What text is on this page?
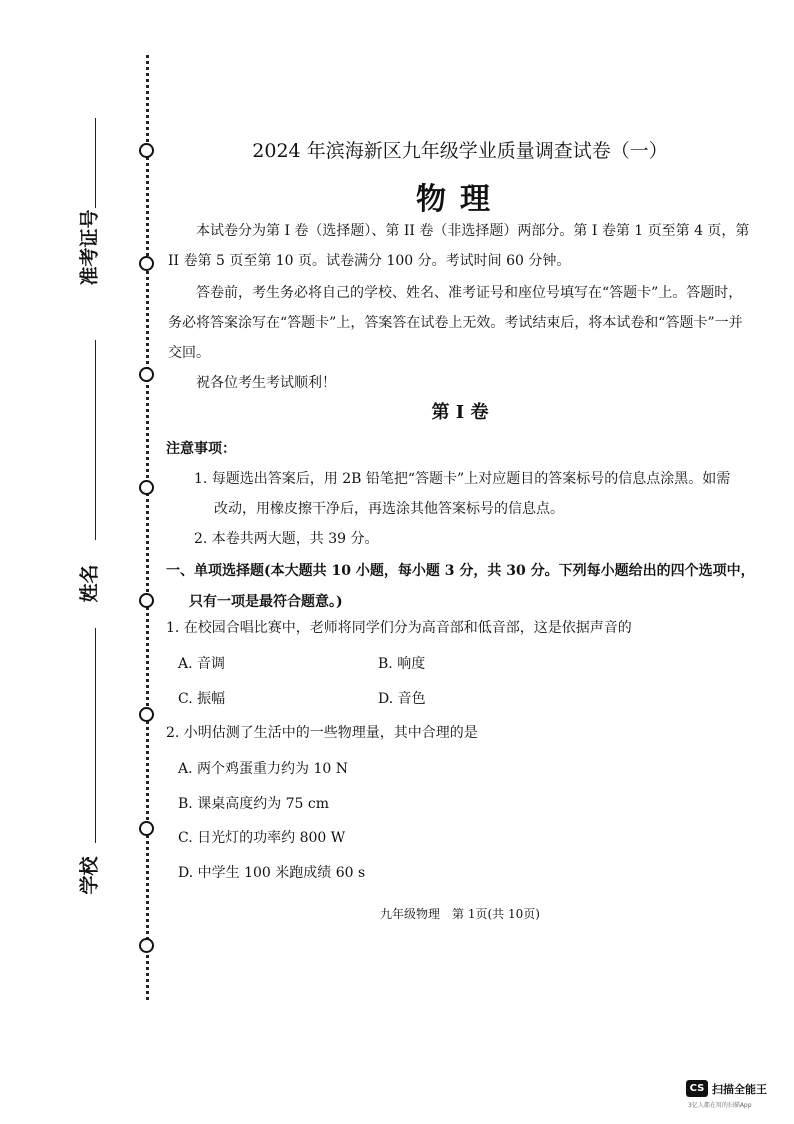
准考证号
姓名
学校
2024 年滨海新区九年级学业质量调查试卷（一）
物理
本试卷分为第 I 卷（选择题）、第 II 卷（非选择题）两部分。第 I 卷第 1 页至第 4 页，第 II 卷第 5 页至第 10 页。试卷满分 100 分。考试时间 60 分钟。
答卷前，考生务必将自己的学校、姓名、准考证号和座位号填写在“答题卡”上。答题时，务必将答案涂写在“答题卡”上，答案答在试卷上无效。考试结束后，将本试卷和“答题卡”一并交回。
祝各位考生考试顺利！
第 I 卷
注意事项：
1. 每题选出答案后，用 2B 铅笔把“答题卡”上对应题目的答案标号的信息点涂黑。如需
改动，用橡皮擦干净后，再选涂其他答案标号的信息点。
2. 本卷共两大题，共 39 分。
一、单项选择题(本大题共 10 小题，每小题 3 分，共 30 分。下列每小题给出的四个选项中，
只有一项是最符合题意。)
1. 在校园合唱比赛中，老师将同学们分为高音部和低音部，这是依据声音的
A. 音调	B. 响度
C. 振幅	D. 音色
2. 小明估测了生活中的一些物理量，其中合理的是
A. 两个鸡蛋重力约为 10 N
B. 课桌高度约为 75 cm
C. 日光灯的功率约 800 W
D. 中学生 100 米跑成绩 60 s
九年级物理　第 1页(共 10页)
CS 扫描全能王
3亿人都在用的扫描App
